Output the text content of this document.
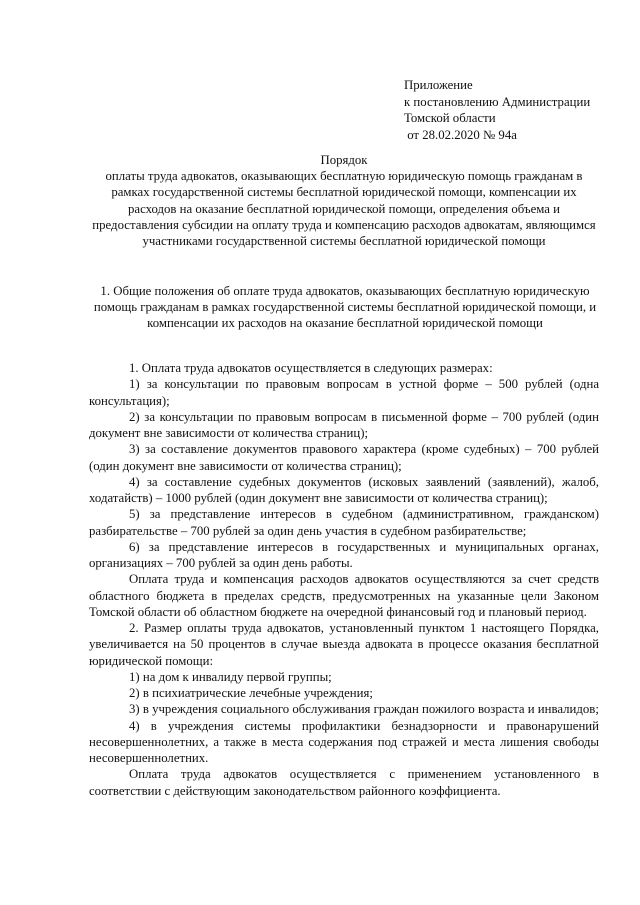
Приложение
к постановлению Администрации
Томской области
от 28.02.2020 № 94а
Порядок
оплаты труда адвокатов, оказывающих бесплатную юридическую помощь гражданам в рамках государственной системы бесплатной юридической помощи, компенсации их расходов на оказание бесплатной юридической помощи, определения объема и предоставления субсидии на оплату труда и компенсацию расходов адвокатам, являющимся участниками государственной системы бесплатной юридической помощи
1. Общие положения об оплате труда адвокатов, оказывающих бесплатную юридическую помощь гражданам в рамках государственной системы бесплатной юридической помощи, и компенсации их расходов на оказание бесплатной юридической помощи

1. Оплата труда адвокатов осуществляется в следующих размерах:

1) за консультации по правовым вопросам в устной форме – 500 рублей (одна консультация);

2) за консультации по правовым вопросам в письменной форме – 700 рублей (один документ вне зависимости от количества страниц);

3) за составление документов правового характера (кроме судебных) – 700 рублей (один документ вне зависимости от количества страниц);

4) за составление судебных документов (исковых заявлений (заявлений), жалоб, ходатайств) – 1000 рублей (один документ вне зависимости от количества страниц);

5) за представление интересов в судебном (административном, гражданском) разбирательстве – 700 рублей за один день участия в судебном разбирательстве;

6) за представление интересов в государственных и муниципальных органах, организациях – 700 рублей за один день работы.

Оплата труда и компенсация расходов адвокатов осуществляются за счет средств областного бюджета в пределах средств, предусмотренных на указанные цели Законом Томской области об областном бюджете на очередной финансовый год и плановый период.

2. Размер оплаты труда адвокатов, установленный пунктом 1 настоящего Порядка, увеличивается на 50 процентов в случае выезда адвоката в процессе оказания бесплатной юридической помощи:

1) на дом к инвалиду первой группы;

2) в психиатрические лечебные учреждения;

3) в учреждения социального обслуживания граждан пожилого возраста и инвалидов;

4) в учреждения системы профилактики безнадзорности и правонарушений несовершеннолетних, а также в места содержания под стражей и места лишения свободы несовершеннолетних.

Оплата труда адвокатов осуществляется с применением установленного в соответствии с действующим законодательством районного коэффициента.
